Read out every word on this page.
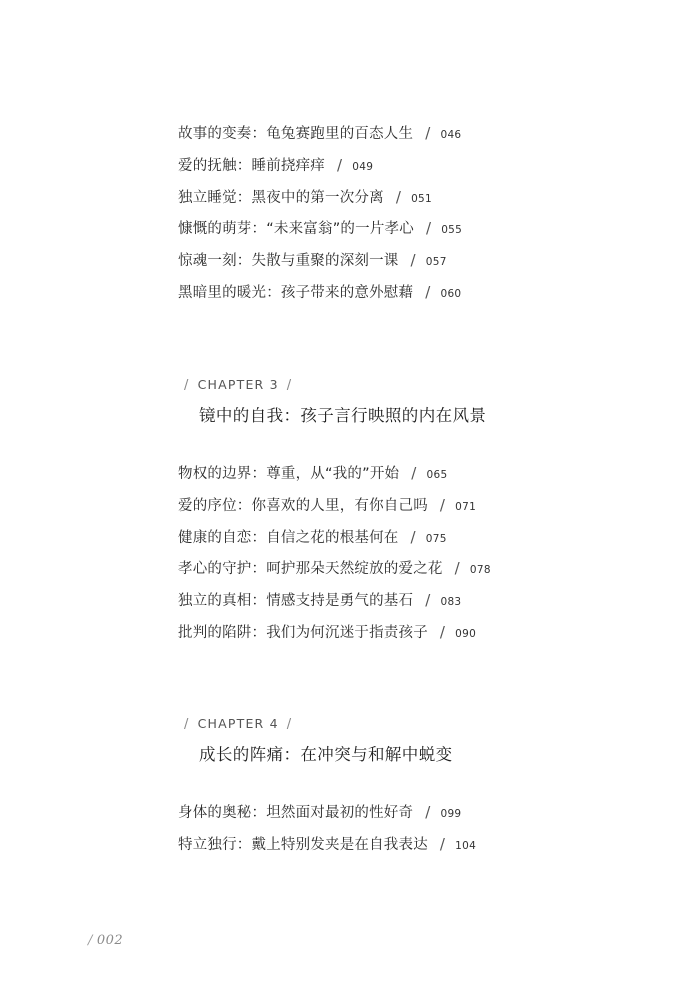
故事的变奏：龟兔赛跑里的百态人生 / 046
爱的抚触：睡前挠痒痒 / 049
独立睡觉：黑夜中的第一次分离 / 051
慷慨的萌芽：“未来富翁”的一片孝心 / 055
惊魂一刻：失散与重聚的深刻一课 / 057
黑暗里的暖光：孩子带来的意外慰藉 / 060
/ CHAPTER 3 /
镜中的自我：孩子言行映照的内在风景
物权的边界：尊重，从“我的”开始 / 065
爱的序位：你喜欢的人里，有你自己吗 / 071
健康的自恋：自信之花的根基何在 / 075
孝心的守护：呵护那朵天然绽放的爱之花 / 078
独立的真相：情感支持是勇气的基石 / 083
批判的陷阱：我们为何沉迷于指责孩子 / 090
/ CHAPTER 4 /
成长的阵痛：在冲突与和解中蜕变
身体的奥秘：坦然面对最初的性好奇 / 099
特立独行：戴上特别发夹是在自我表达 / 104
/ 002
